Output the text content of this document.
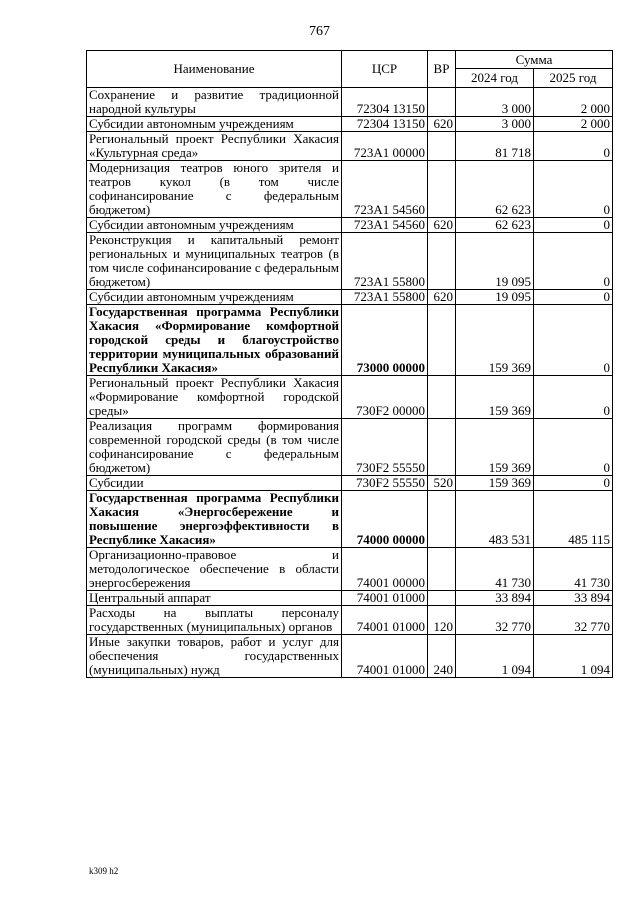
767
Наименование	ЦСР	ВР	Сумма	
			2024 год	2025 год
Сохранение и развитие традиционной народной культуры	72304 13150		3 000	2 000
Субсидии автономным учреждениям	72304 13150	620	3 000	2 000
Региональный проект Республики Хакасия «Культурная среда»	723А1 00000		81 718	0
Модернизация театров юного зрителя и театров кукол (в том числе софинансирование с федеральным бюджетом)	723А1 54560		62 623	0
Субсидии автономным учреждениям	723А1 54560	620	62 623	0
Реконструкция и капитальный ремонт региональных и муниципальных театров (в том числе софинансирование с федеральным бюджетом)	723А1 55800		19 095	0
Субсидии автономным учреждениям	723А1 55800	620	19 095	0
Государственная программа Республики Хакасия «Формирование комфортной городской среды и благоустройство территории муниципальных образований Республики Хакасия»	73000 00000		159 369	0
Региональный проект Республики Хакасия «Формирование комфортной городской среды»	730F2 00000		159 369	0
Реализация программ формирования современной городской среды (в том числе софинансирование с федеральным бюджетом)	730F2 55550		159 369	0
Субсидии	730F2 55550	520	159 369	0
Государственная программа Республики Хакасия «Энергосбережение и повышение энергоэффективности в Республике Хакасия»	74000 00000		483 531	485 115
Организационно-правовое и методологическое обеспечение в области энергосбережения	74001 00000		41 730	41 730
Центральный аппарат	74001 01000		33 894	33 894
Расходы на выплаты персоналу государственных (муниципальных) органов	74001 01000	120	32 770	32 770
Иные закупки товаров, работ и услуг для обеспечения государственных (муниципальных) нужд	74001 01000	240	1 094	1 094
k309 h2
